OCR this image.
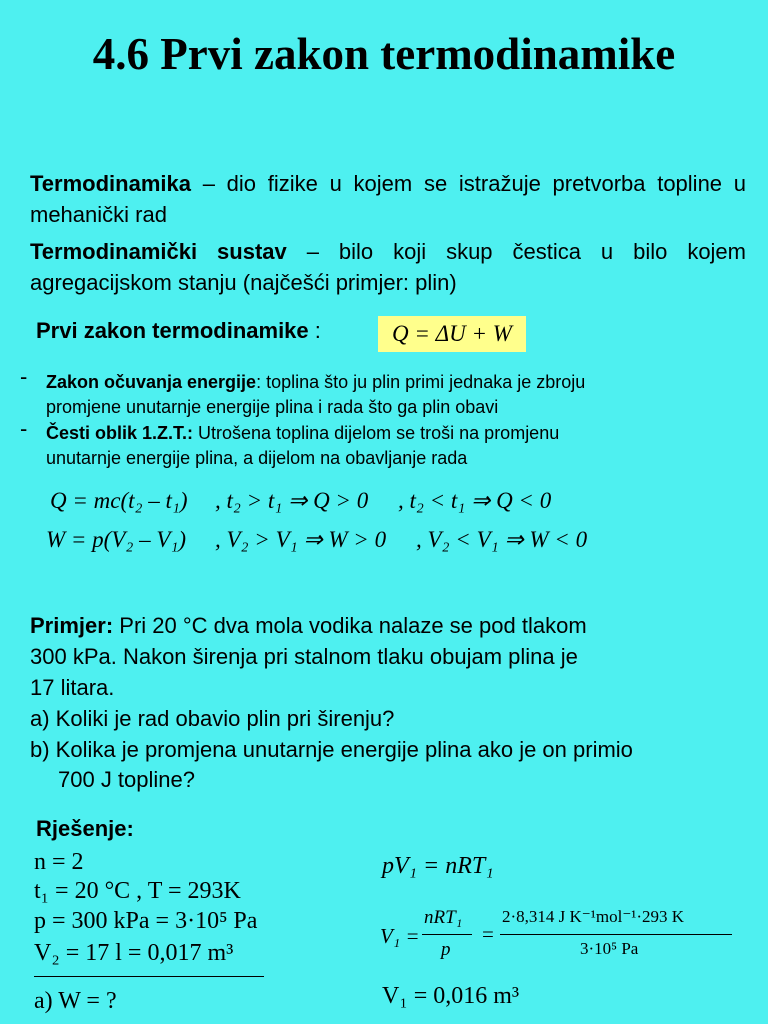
4.6 Prvi zakon termodinamike
Termodinamika – dio fizike u kojem se istražuje pretvorba topline u mehanički rad
Termodinamički sustav – bilo koji skup čestica u bilo kojem agregacijskom stanju (najčešći primjer: plin)
Prvi zakon termodinamike :	Q = ΔU + W
- Zakon očuvanja energije: toplina što ju plin primi jednaka je zbroju
promjene unutarnje energije plina i rada što ga plin obavi
- Česti oblik 1.Z.T.: Utrošena toplina dijelom se troši na promjenu
unutarnje energije plina, a dijelom na obavljanje rada
Q = mc(t₂ – t₁) , t₂ > t₁ ⇒ Q > 0 , t₂ < t₁ ⇒ Q < 0
W = p(V₂ – V₁) , V₂ > V₁ ⇒ W > 0 , V₂ < V₁ ⇒ W < 0
Primjer: Pri 20 °C dva mola vodika nalaze se pod tlakom
300 kPa. Nakon širenja pri stalnom tlaku obujam plina je
17 litara.
a) Koliki je rad obavio plin pri širenju?
b) Kolika je promjena unutarnje energije plina ako je on primio
700 J topline?
Rješenje:
n = 2
t₁ = 20 °C , T = 293K
p = 300 kPa = 3·10⁵ Pa
V₂ = 17 l = 0,017 m³
a) W = ?
pV₁ = nRT₁
V₁ =
nRT₁
p
=
2·8,314 J K⁻¹mol⁻¹·293 K
3·10⁵ Pa
V₁ = 0,016 m³
